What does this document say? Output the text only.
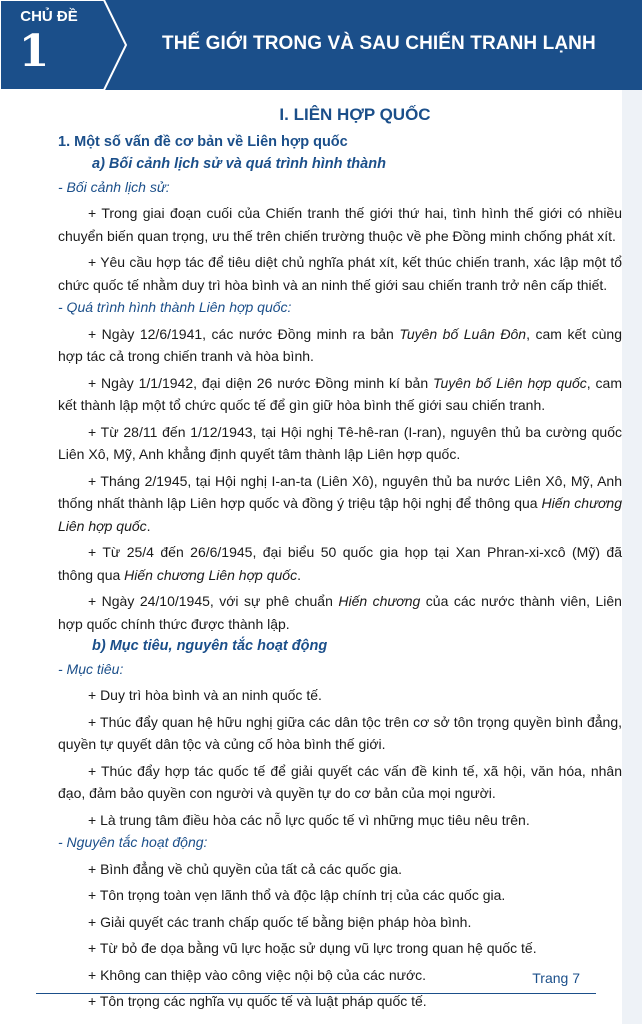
CHỦ ĐỀ
1	THẾ GIỚI TRONG VÀ SAU CHIẾN TRANH LẠNH
I. LIÊN HỢP QUỐC
1. Một số vấn đề cơ bản về Liên hợp quốc
a) Bối cảnh lịch sử và quá trình hình thành
- Bối cảnh lịch sử:
+ Trong giai đoạn cuối của Chiến tranh thế giới thứ hai, tình hình thế giới có nhiều chuyển biến quan trọng, ưu thế trên chiến trường thuộc về phe Đồng minh chống phát xít.
+ Yêu cầu hợp tác để tiêu diệt chủ nghĩa phát xít, kết thúc chiến tranh, xác lập một tổ chức quốc tế nhằm duy trì hòa bình và an ninh thế giới sau chiến tranh trở nên cấp thiết.
- Quá trình hình thành Liên hợp quốc:
+ Ngày 12/6/1941, các nước Đồng minh ra bản Tuyên bố Luân Đôn, cam kết cùng hợp tác cả trong chiến tranh và hòa bình.
+ Ngày 1/1/1942, đại diện 26 nước Đồng minh kí bản Tuyên bố Liên hợp quốc, cam kết thành lập một tổ chức quốc tế để gìn giữ hòa bình thế giới sau chiến tranh.
+ Từ 28/11 đến 1/12/1943, tại Hội nghị Tê-hê-ran (I-ran), nguyên thủ ba cường quốc Liên Xô, Mỹ, Anh khẳng định quyết tâm thành lập Liên hợp quốc.
+ Tháng 2/1945, tại Hội nghị I-an-ta (Liên Xô), nguyên thủ ba nước Liên Xô, Mỹ, Anh thống nhất thành lập Liên hợp quốc và đồng ý triệu tập hội nghị để thông qua Hiến chương Liên hợp quốc.
+ Từ 25/4 đến 26/6/1945, đại biểu 50 quốc gia họp tại Xan Phran-xi-xcô (Mỹ) đã thông qua Hiến chương Liên hợp quốc.
+ Ngày 24/10/1945, với sự phê chuẩn Hiến chương của các nước thành viên, Liên hợp quốc chính thức được thành lập.
b) Mục tiêu, nguyên tắc hoạt động
- Mục tiêu:
+ Duy trì hòa bình và an ninh quốc tế.
+ Thúc đẩy quan hệ hữu nghị giữa các dân tộc trên cơ sở tôn trọng quyền bình đẳng, quyền tự quyết dân tộc và củng cố hòa bình thế giới.
+ Thúc đẩy hợp tác quốc tế để giải quyết các vấn đề kinh tế, xã hội, văn hóa, nhân đạo, đảm bảo quyền con người và quyền tự do cơ bản của mọi người.
+ Là trung tâm điều hòa các nỗ lực quốc tế vì những mục tiêu nêu trên.
- Nguyên tắc hoạt động:
+ Bình đẳng về chủ quyền của tất cả các quốc gia.
+ Tôn trọng toàn vẹn lãnh thổ và độc lập chính trị của các quốc gia.
+ Giải quyết các tranh chấp quốc tế bằng biện pháp hòa bình.
+ Từ bỏ đe dọa bằng vũ lực hoặc sử dụng vũ lực trong quan hệ quốc tế.
+ Không can thiệp vào công việc nội bộ của các nước.
+ Tôn trọng các nghĩa vụ quốc tế và luật pháp quốc tế.
Trang 7
